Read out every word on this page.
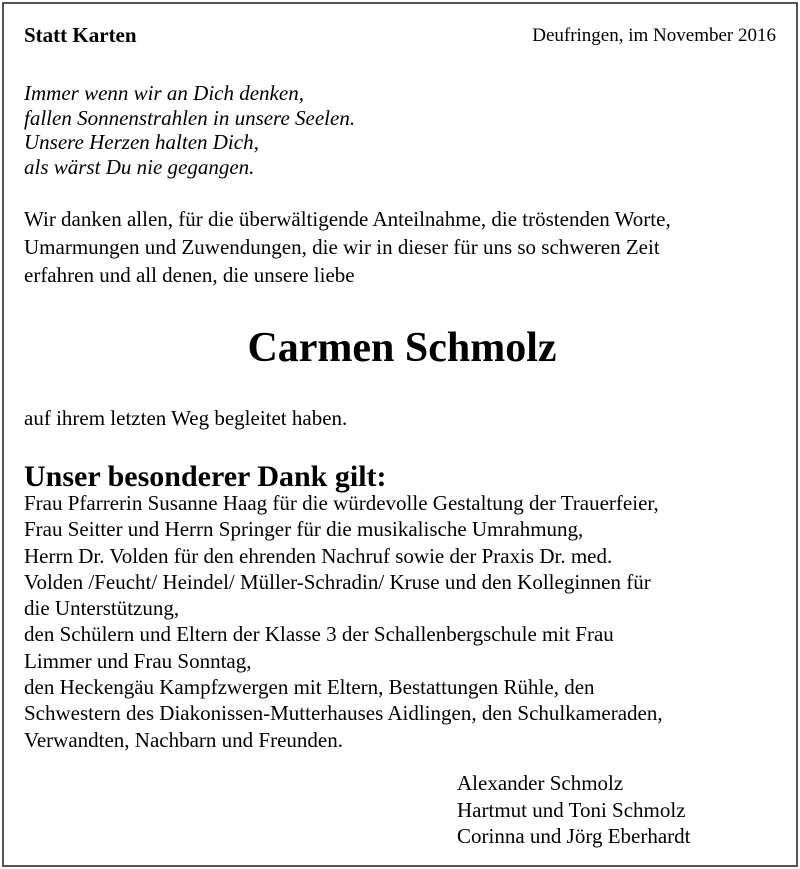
Statt Karten	Deufringen, im November 2016
Immer wenn wir an Dich denken,
fallen Sonnenstrahlen in unsere Seelen.
Unsere Herzen halten Dich,
als wärst Du nie gegangen.
Wir danken allen, für die überwältigende Anteilnahme, die tröstenden Worte,
Umarmungen und Zuwendungen, die wir in dieser für uns so schweren Zeit
erfahren und all denen, die unsere liebe
Carmen Schmolz
auf ihrem letzten Weg begleitet haben.
Unser besonderer Dank gilt:
Frau Pfarrerin Susanne Haag für die würdevolle Gestaltung der Trauerfeier,
Frau Seitter und Herrn Springer für die musikalische Umrahmung,
Herrn Dr. Volden für den ehrenden Nachruf sowie der Praxis Dr. med.
Volden /Feucht/ Heindel/ Müller-Schradin/ Kruse und den Kolleginnen für
die Unterstützung,
den Schülern und Eltern der Klasse 3 der Schallenbergschule mit Frau
Limmer und Frau Sonntag,
den Heckengäu Kampfzwergen mit Eltern, Bestattungen Rühle, den
Schwestern des Diakonissen-Mutterhauses Aidlingen, den Schulkameraden,
Verwandten, Nachbarn und Freunden.
Alexander Schmolz
Hartmut und Toni Schmolz
Corinna und Jörg Eberhardt
